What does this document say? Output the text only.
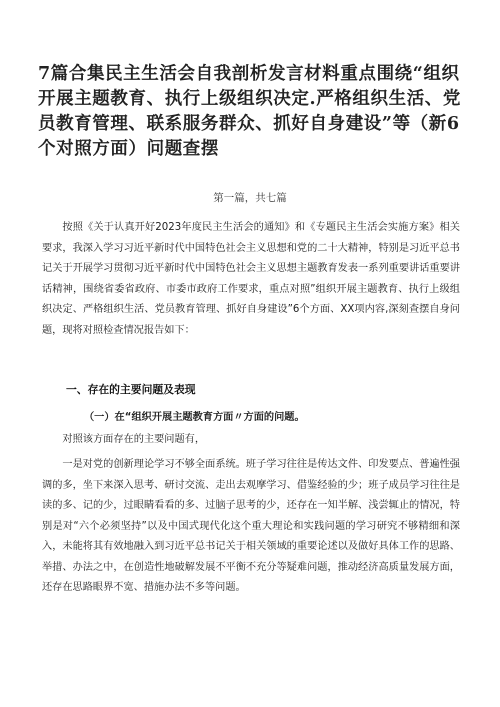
7篇合集民主生活会自我剖析发言材料重点围绕“组织开展主题教育、执行上级组织决定.严格组织生活、党员教育管理、联系服务群众、抓好自身建设”等（新6个对照方面）问题查摆
第一篇，共七篇

按照《关于认真开好2023年度民主生活会的通知》和《专题民主生活会实施方案》相关要求，我深入学习习近平新时代中国特色社会主义思想和党的二十大精神，特别是习近平总书记关于开展学习贯彻习近平新时代中国特色社会主义思想主题教育发表一系列重要讲话重要讲话精神，围绕省委省政府、市委市政府工作要求，重点对照”组织开展主题教育、执行上级组织决定、严格组织生活、党员教育管理、抓好自身建设”6个方面、XX项内容,深刻查摆自身问题，现将对照检查情况报告如下：

一、存在的主要问题及表现
（一）在“组织开展主题教育方面〃方面的问题。

对照该方面存在的主要问题有，

一是对党的创新理论学习不够全面系统。班子学习往往是传达文件、印发要点、普遍性强调的多，坐下来深入思考、研讨交流、走出去观摩学习、借鉴经验的少；班子成员学习往往是读的多、记的少，过眼睛看看的多、过脑子思考的少，还存在一知半解、浅尝辄止的情况，特别是对“六个必须坚持”以及中国式现代化这个重大理论和实践问题的学习研究不够精细和深入，未能将其有效地融入到习近平总书记关于相关领域的重要论述以及做好具体工作的思路、举措、办法之中，在创造性地破解发展不平衡不充分等疑难问题，推动经济高质量发展方面，还存在思路眼界不宽、措施办法不多等问题。
